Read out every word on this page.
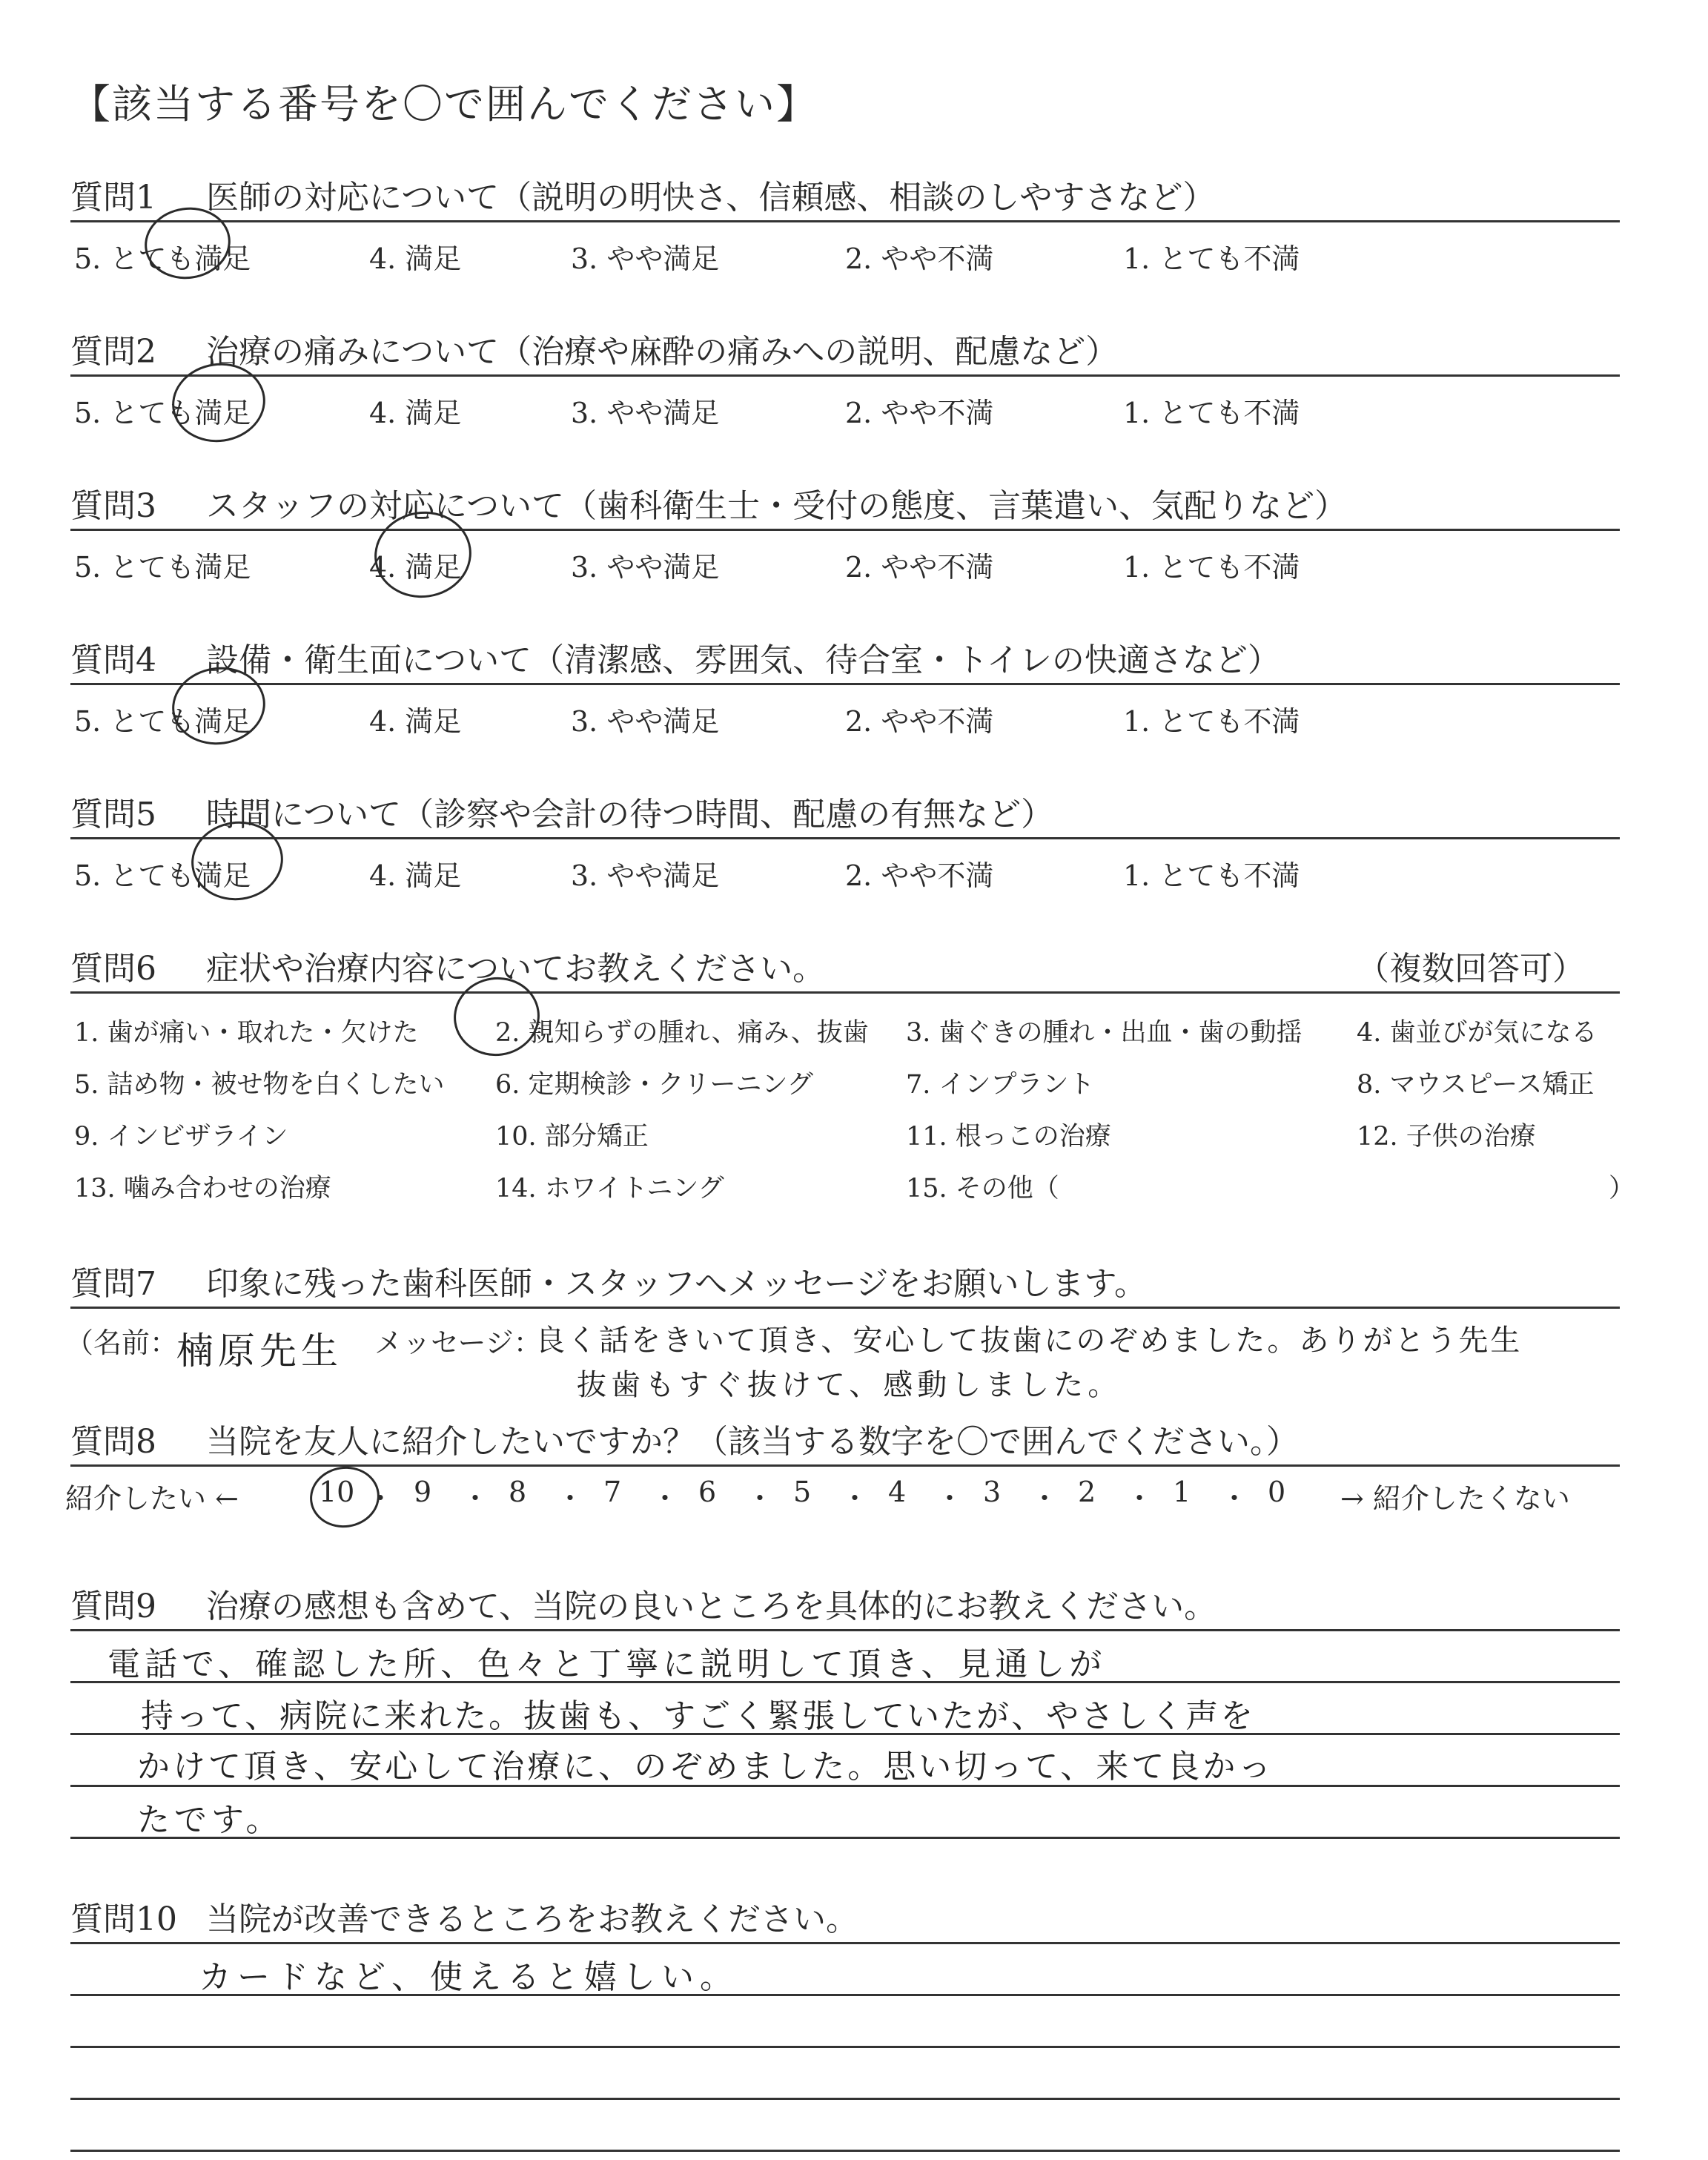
【該当する番号を〇で囲んでください】
質問1 医師の対応について（説明の明快さ、信頼感、相談のしやすさなど）
5. とても満足	4. 満足	3. やや満足	2. やや不満	1. とても不満
質問2 治療の痛みについて（治療や麻酔の痛みへの説明、配慮など）
5. とても満足	4. 満足	3. やや満足	2. やや不満	1. とても不満
質問3 スタッフの対応について（歯科衛生士・受付の態度、言葉遣い、気配りなど）
5. とても満足	4. 満足	3. やや満足	2. やや不満	1. とても不満
質問4 設備・衛生面について（清潔感、雰囲気、待合室・トイレの快適さなど）
5. とても満足	4. 満足	3. やや満足	2. やや不満	1. とても不満
質問5 時間について（診察や会計の待つ時間、配慮の有無など）
5. とても満足	4. 満足	3. やや満足	2. やや不満	1. とても不満
質問6 症状や治療内容についてお教えください。	（複数回答可）
1. 歯が痛い・取れた・欠けた	2. 親知らずの腫れ、痛み、抜歯 3. 歯ぐきの腫れ・出血・歯の動揺 4. 歯並びが気になる
5. 詰め物・被せ物を白くしたい 6. 定期検診・クリーニング	7. インプラント	8. マウスピース矯正
9. インビザライン	10. 部分矯正	11. 根っこの治療	12. 子供の治療
13. 噛み合わせの治療	14. ホワイトニング	15. その他（	）
質問7 印象に残った歯科医師・スタッフへメッセージをお願いします。
（名前：
楠原先生 メッセージ：
良く話をきいて頂き、安心して抜歯にのぞめました。ありがとう先生
抜歯もすぐ抜けて、感動しました。
質問8 当院を友人に紹介したいですか？（該当する数字を〇で囲んでください。）
紹介したい ←	10 ・ 9 ・ 8 ・ 7 ・ 6 ・ 5 ・ 4 ・ 3 ・ 2 ・ 1 ・ 0 → 紹介したくない
質問9 治療の感想も含めて、当院の良いところを具体的にお教えください。
電話で、確認した所、色々と丁寧に説明して頂き、見通しが
持って、病院に来れた。抜歯も、すごく緊張していたが、やさしく声を
かけて頂き、安心して治療に、のぞめました。思い切って、来て良かっ
たです。
質問10 当院が改善できるところをお教えください。
カードなど、使えると嬉しい。
